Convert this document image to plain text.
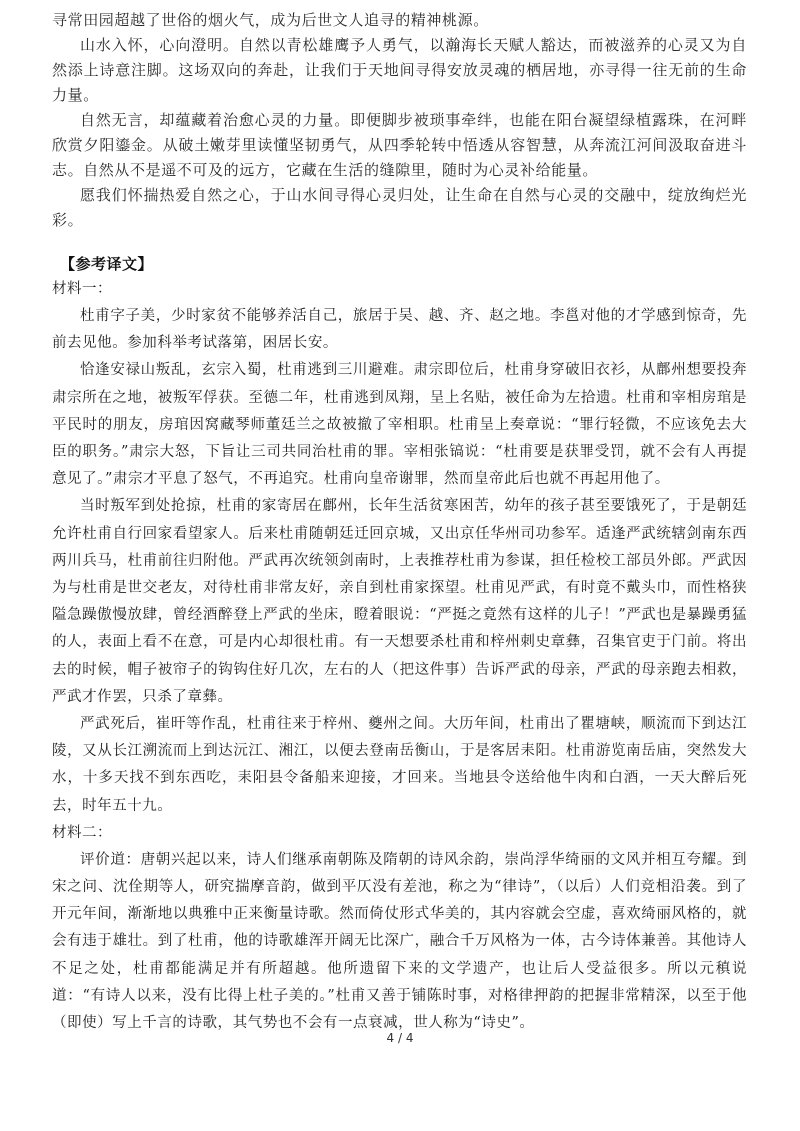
寻常田园超越了世俗的烟火气，成为后世文人追寻的精神桃源。

山水入怀，心向澄明。自然以青松雄鹰予人勇气，以瀚海长天赋人豁达，而被滋养的心灵又为自然添上诗意注脚。这场双向的奔赴，让我们于天地间寻得安放灵魂的栖居地，亦寻得一往无前的生命力量。

自然无言，却蕴藏着治愈心灵的力量。即便脚步被琐事牵绊，也能在阳台凝望绿植露珠，在河畔欣赏夕阳鎏金。从破土嫩芽里读懂坚韧勇气，从四季轮转中悟透从容智慧，从奔流江河间汲取奋进斗志。自然从不是遥不可及的远方，它藏在生活的缝隙里，随时为心灵补给能量。

愿我们怀揣热爱自然之心，于山水间寻得心灵归处，让生命在自然与心灵的交融中，绽放绚烂光彩。

【参考译文】
材料一：

杜甫字子美，少时家贫不能够养活自己，旅居于吴、越、齐、赵之地。李邕对他的才学感到惊奇，先前去见他。参加科举考试落第，困居长安。

恰逢安禄山叛乱，玄宗入蜀，杜甫逃到三川避难。肃宗即位后，杜甫身穿破旧衣衫，从鄜州想要投奔肃宗所在之地，被叛军俘获。至德二年，杜甫逃到凤翔，呈上名贴，被任命为左拾遗。杜甫和宰相房琯是平民时的朋友，房琯因窝藏琴师董廷兰之故被撤了宰相职。杜甫呈上奏章说：“罪行轻微，不应该免去大臣的职务。”肃宗大怒，下旨让三司共同治杜甫的罪。宰相张镐说：“杜甫要是获罪受罚，就不会有人再提意见了。”肃宗才平息了怒气，不再追究。杜甫向皇帝谢罪，然而皇帝此后也就不再起用他了。

当时叛军到处抢掠，杜甫的家寄居在鄜州，长年生活贫寒困苦，幼年的孩子甚至要饿死了，于是朝廷允许杜甫自行回家看望家人。后来杜甫随朝廷迁回京城，又出京任华州司功参军。适逢严武统辖剑南东西两川兵马，杜甫前往归附他。严武再次统领剑南时，上表推荐杜甫为参谋，担任检校工部员外郎。严武因为与杜甫是世交老友，对待杜甫非常友好，亲自到杜甫家探望。杜甫见严武，有时竟不戴头巾，而性格狭隘急躁傲慢放肆，曾经酒醉登上严武的坐床，瞪着眼说：“严挺之竟然有这样的儿子！”严武也是暴躁勇猛的人，表面上看不在意，可是内心却很杜甫。有一天想要杀杜甫和梓州刺史章彝，召集官吏于门前。将出去的时候，帽子被帘子的钩钩住好几次，左右的人（把这件事）告诉严武的母亲，严武的母亲跑去相救，严武才作罢，只杀了章彝。

严武死后，崔旰等作乱，杜甫往来于梓州、夔州之间。大历年间，杜甫出了瞿塘峡，顺流而下到达江陵，又从长江溯流而上到达沅江、湘江，以便去登南岳衡山，于是客居耒阳。杜甫游览南岳庙，突然发大水，十多天找不到东西吃，耒阳县令备船来迎接，才回来。当地县令送给他牛肉和白酒，一天大醉后死去，时年五十九。

材料二：

评价道：唐朝兴起以来，诗人们继承南朝陈及隋朝的诗风余韵，崇尚浮华绮丽的文风并相互夸耀。到宋之问、沈佺期等人，研究揣摩音韵，做到平仄没有差池，称之为“律诗”，（以后）人们竞相沿袭。到了开元年间，渐渐地以典雅中正来衡量诗歌。然而倚仗形式华美的，其内容就会空虚，喜欢绮丽风格的，就会有违于雄壮。到了杜甫，他的诗歌雄浑开阔无比深广，融合千万风格为一体，古今诗体兼善。其他诗人不足之处，杜甫都能满足并有所超越。他所遗留下来的文学遗产，也让后人受益很多。所以元稹说道：“有诗人以来，没有比得上杜子美的。”杜甫又善于铺陈时事，对格律押韵的把握非常精深，以至于他（即使）写上千言的诗歌，其气势也不会有一点衰减，世人称为“诗史”。

4 / 4
